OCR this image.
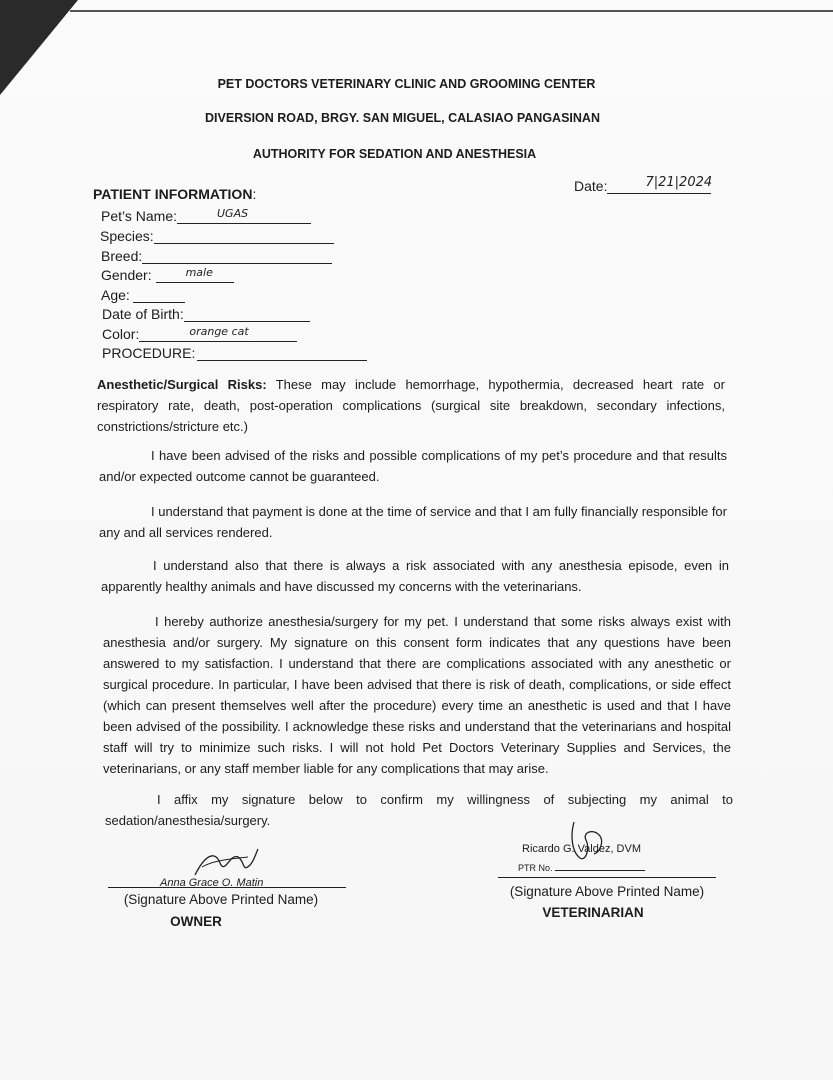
PET DOCTORS VETERINARY CLINIC AND GROOMING CENTER
DIVERSION ROAD, BRGY. SAN MIGUEL, CALASIAO PANGASINAN
AUTHORITY FOR SEDATION AND ANESTHESIA
Date:	7|21|2024
PATIENT INFORMATION:
Pet’s Name:	UGAS
Species:
Breed:
Gender:	male
Age:
Date of Birth:
Color:	orange cat
PROCEDURE:
Anesthetic/Surgical Risks: These may include hemorrhage, hypothermia, decreased heart rate or respiratory rate, death, post-operation complications (surgical site breakdown, secondary infections, constrictions/stricture etc.)
I have been advised of the risks and possible complications of my pet’s procedure and that results and/or expected outcome cannot be guaranteed.
I understand that payment is done at the time of service and that I am fully financially responsible for any and all services rendered.
I understand also that there is always a risk associated with any anesthesia episode, even in apparently healthy animals and have discussed my concerns with the veterinarians.
I hereby authorize anesthesia/surgery for my pet. I understand that some risks always exist with anesthesia and/or surgery. My signature on this consent form indicates that any questions have been answered to my satisfaction. I understand that there are complications associated with any anesthetic or surgical procedure. In particular, I have been advised that there is risk of death, complications, or side effect (which can present themselves well after the procedure) every time an anesthetic is used and that I have been advised of the possibility. I acknowledge these risks and understand that the veterinarians and hospital staff will try to minimize such risks. I will not hold Pet Doctors Veterinary Supplies and Services, the veterinarians, or any staff member liable for any complications that may arise.
I affix my signature below to confirm my willingness of subjecting my animal to sedation/anesthesia/surgery.
Anna Grace O. Matin
(Signature Above Printed Name)
OWNER
Ricardo G. Valdez, DVM
PTR No.
(Signature Above Printed Name)
VETERINARIAN
